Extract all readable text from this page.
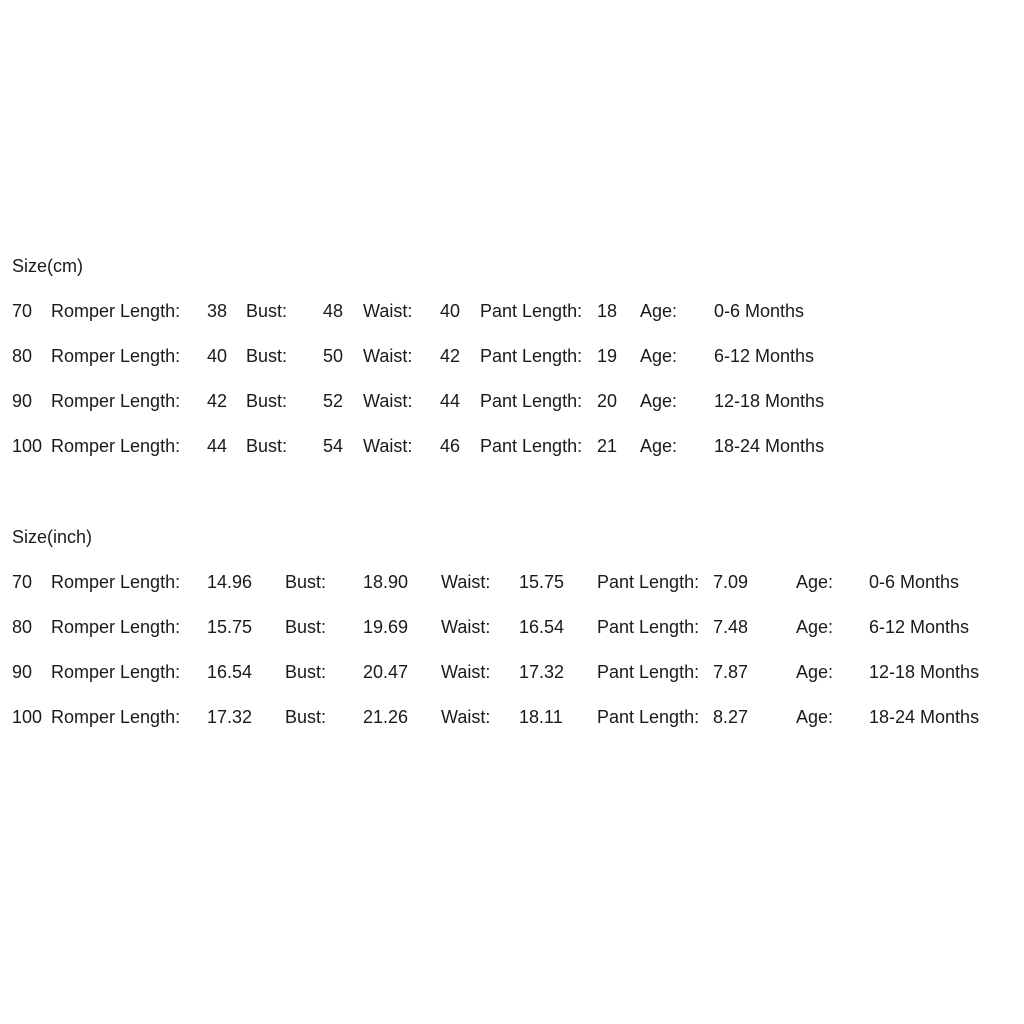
Size(cm)
70 Romper Length: 38 Bust: 48 Waist: 40 Pant Length: 18 Age: 0-6 Months
80 Romper Length: 40 Bust: 50 Waist: 42 Pant Length: 19 Age: 6-12 Months
90 Romper Length: 42 Bust: 52 Waist: 44 Pant Length: 20 Age: 12-18 Months
100 Romper Length: 44 Bust: 54 Waist: 46 Pant Length: 21 Age: 18-24 Months
Size(inch)
70 Romper Length: 14.96 Bust: 18.90 Waist: 15.75 Pant Length: 7.09	Age: 0-6 Months
80 Romper Length: 15.75 Bust: 19.69 Waist: 16.54 Pant Length: 7.48	Age: 6-12 Months
90 Romper Length: 16.54 Bust: 20.47 Waist: 17.32 Pant Length: 7.87	Age: 12-18 Months
100 Romper Length: 17.32 Bust: 21.26 Waist: 18.11 Pant Length: 8.27	Age: 18-24 Months
